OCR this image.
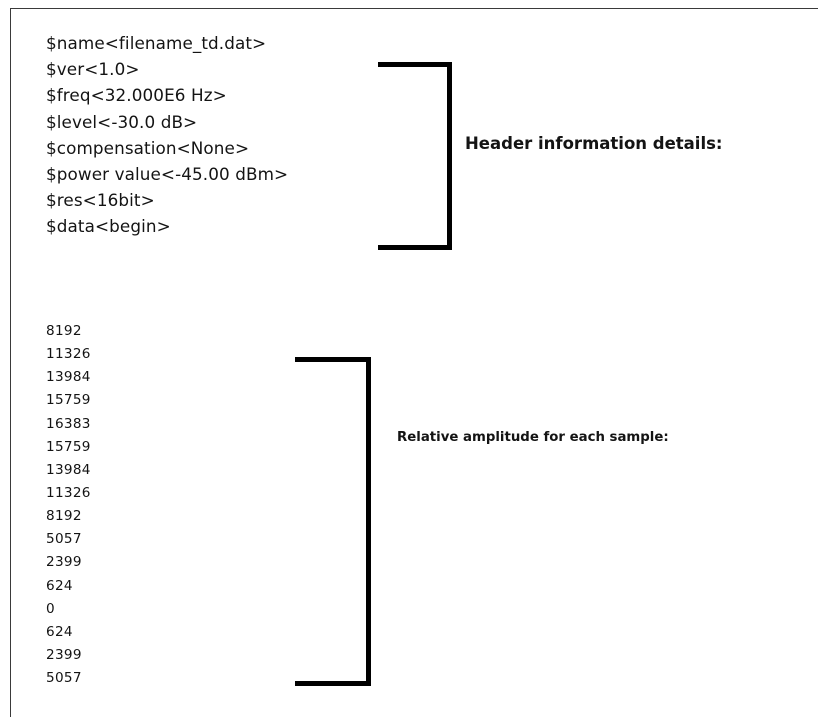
$name<filename_td.dat>
$ver<1.0>
$freq<32.000E6 Hz>
$level<-30.0 dB>
$compensation<None>
$power value<-45.00 dBm>
$res<16bit>
$data<begin>
Header information details:
8192
11326
13984
15759
16383
15759
13984
11326
8192
5057
2399
624
0
624
2399
5057
Relative amplitude for each sample:
